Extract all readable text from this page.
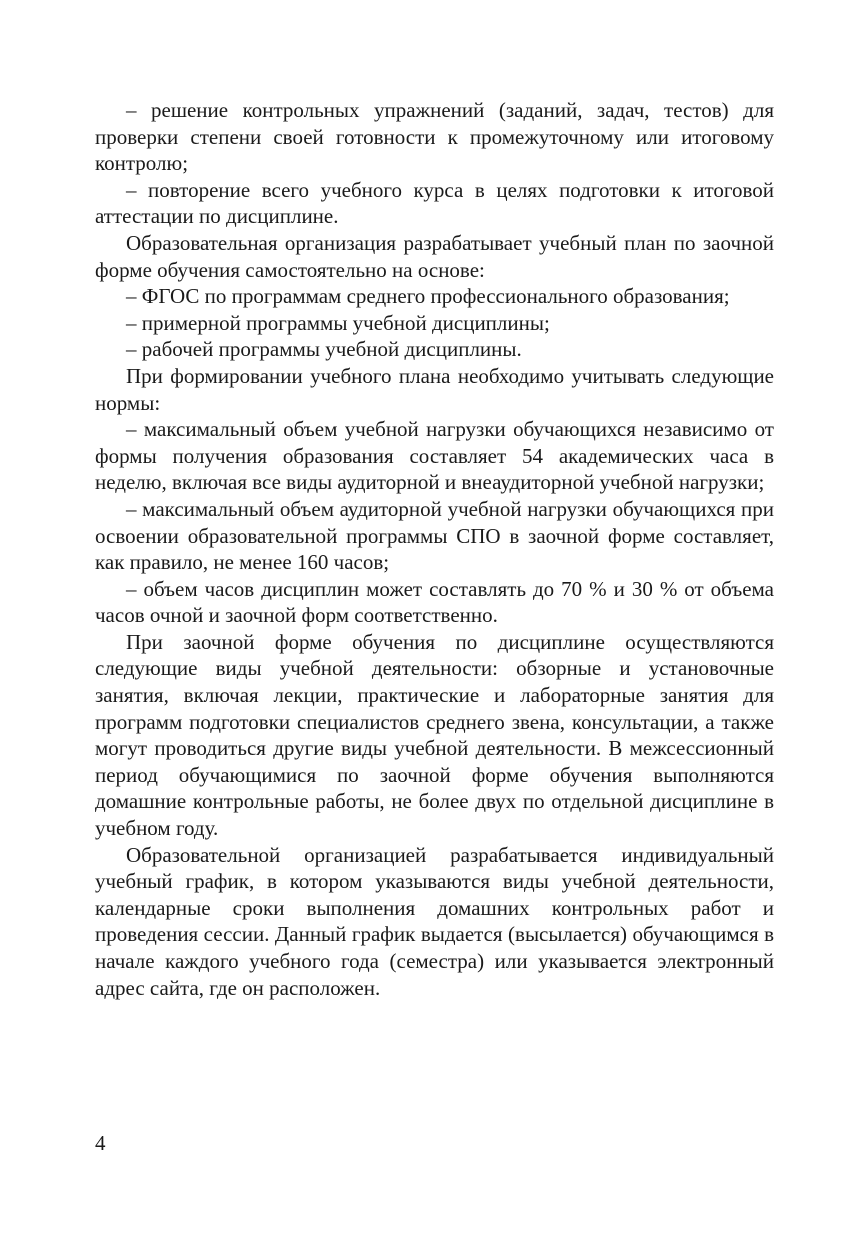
– решение контрольных упражнений (заданий, задач, тестов) для проверки степени своей готовности к промежуточному или итоговому контролю;

– повторение всего учебного курса в целях подготовки к итоговой аттестации по дисциплине.

Образовательная организация разрабатывает учебный план по заочной форме обучения самостоятельно на основе:

– ФГОС по программам среднего профессионального образования;

– примерной программы учебной дисциплины;

– рабочей программы учебной дисциплины.

При формировании учебного плана необходимо учитывать следующие нормы:

– максимальный объем учебной нагрузки обучающихся независимо от формы получения образования составляет 54 академических часа в неделю, включая все виды аудиторной и внеаудиторной учебной нагрузки;

– максимальный объем аудиторной учебной нагрузки обучающихся при освоении образовательной программы СПО в заочной форме составляет, как правило, не менее 160 часов;

– объем часов дисциплин может составлять до 70 % и 30 % от объема часов очной и заочной форм соответственно.

При заочной форме обучения по дисциплине осуществляются следующие виды учебной деятельности: обзорные и установочные занятия, включая лекции, практические и лабораторные занятия для программ подготовки специалистов среднего звена, консультации, а также могут проводиться другие виды учебной деятельности. В межсессионный период обучающимися по заочной форме обучения выполняются домашние контрольные работы, не более двух по отдельной дисциплине в учебном году.

Образовательной организацией разрабатывается индивидуальный учебный график, в котором указываются виды учебной деятельности, календарные сроки выполнения домашних контрольных работ и проведения сессии. Данный график выдается (высылается) обучающимся в начале каждого учебного года (семестра) или указывается электронный адрес сайта, где он расположен.

4
